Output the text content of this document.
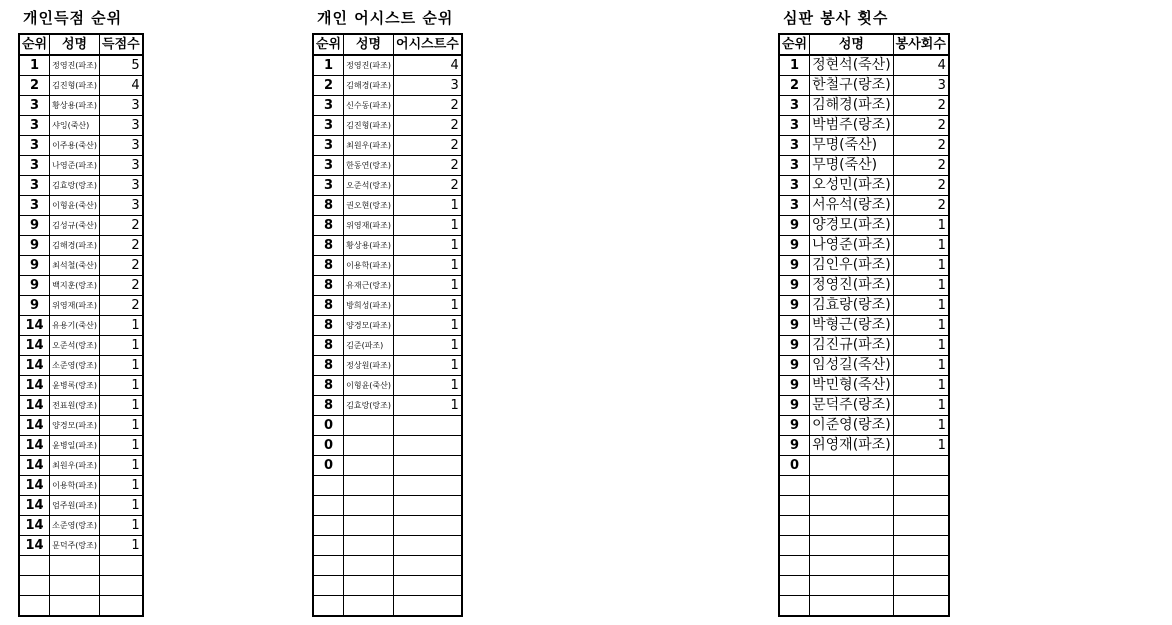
개인득점 순위
순위	성명	득점수
1	정영진(파조)	5
2	김진형(파조)	4
3	황상용(파조)	3
3	샤잉(죽산)	3
3	이주용(죽산)	3
3	나영준(파조)	3
3	김효랑(랑조)	3
3	이형윤(죽산)	3
9	김성규(죽산)	2
9	김해경(파조)	2
9	최석철(죽산)	2
9	백지훈(랑조)	2
9	위영재(파조)	2
14	유용기(죽산)	1
14	오준석(랑조)	1
14	소준영(랑조)	1
14	윤병록(랑조)	1
14	전표원(랑조)	1
14	양경모(파조)	1
14	윤병일(파조)	1
14	최원우(파조)	1
14	이용학(파조)	1
14	엄주원(파조)	1
14	소준영(랑조)	1
14	문덕주(랑조)	1

개인 어시스트 순위
순위	성명	어시스트수
1	정영진(파조)	4
2	김해경(파조)	3
3	신수동(파조)	2
3	김진형(파조)	2
3	최원우(파조)	2
3	한동연(랑조)	2
3	오준석(랑조)	2
8	권오현(랑조)	1
8	위영재(파조)	1
8	황상용(파조)	1
8	이용학(파조)	1
8	유재근(랑조)	1
8	방희성(파조)	1
8	양경모(파조)	1
8	김준(파조)	1
8	정상원(파조)	1
8	이형윤(죽산)	1
8	김효랑(랑조)	1
0		
0		
0		

심판 봉사 횟수
순위	성명	봉사회수
1	정현석(죽산)	4
2	한철구(랑조)	3
3	김해경(파조)	2
3	박범주(랑조)	2
3	무명(죽산)	2
3	무명(죽산)	2
3	오성민(파조)	2
3	서유석(랑조)	2
9	양경모(파조)	1
9	나영준(파조)	1
9	김인우(파조)	1
9	정영진(파조)	1
9	김효랑(랑조)	1
9	박형근(랑조)	1
9	김진규(파조)	1
9	임성길(죽산)	1
9	박민형(죽산)	1
9	문덕주(랑조)	1
9	이준영(랑조)	1
9	위영재(파조)	1
0		
